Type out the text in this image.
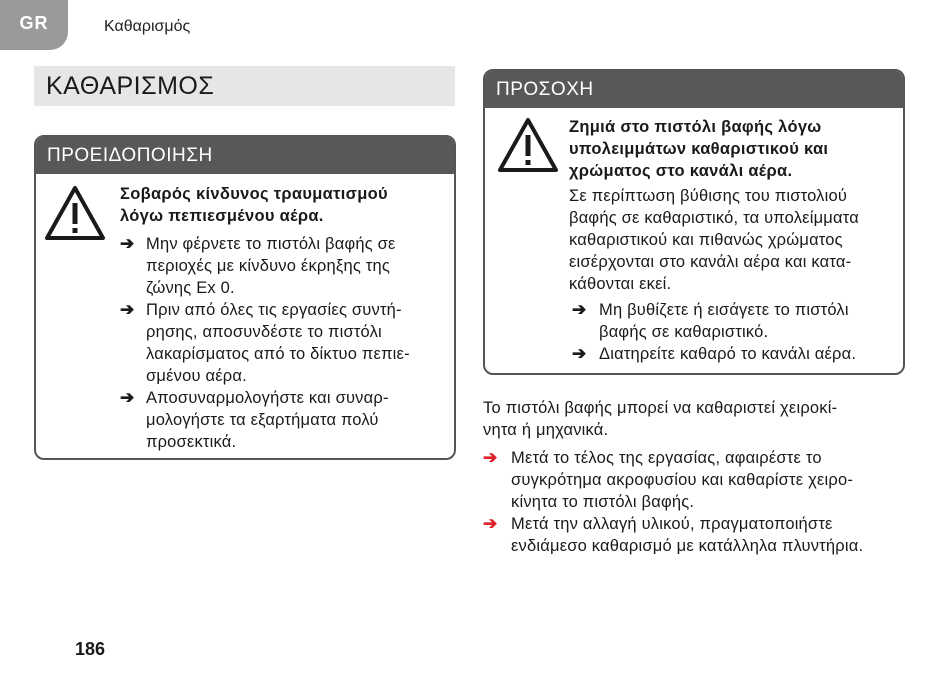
GR	Καθαρισμός
ΚΑΘΑΡΙΣΜΟΣ
ΠΡΟΕΙΔΟΠΟΙΗΣΗ
Σοβαρός κίνδυνος τραυματισμού
λόγω πεπιεσμένου αέρα.
➔ Μην φέρνετε το πιστόλι βαφής σε
περιοχές με κίνδυνο έκρηξης της
ζώνης Ex 0.
➔ Πριν από όλες τις εργασίες συντή-
ρησης, αποσυνδέστε το πιστόλι
λακαρίσματος από το δίκτυο πεπιε-
σμένου αέρα.
➔ Αποσυναρμολογήστε και συναρ-
μολογήστε τα εξαρτήματα πολύ
προσεκτικά.
ΠΡΟΣΟΧΗ
Ζημιά στο πιστόλι βαφής λόγω
υπολειμμάτων καθαριστικού και
χρώματος στο κανάλι αέρα.
Σε περίπτωση βύθισης του πιστολιού
βαφής σε καθαριστικό, τα υπολείμματα
καθαριστικού και πιθανώς χρώματος
εισέρχονται στο κανάλι αέρα και κατα-
κάθονται εκεί.
➔ Μη βυθίζετε ή εισάγετε το πιστόλι
βαφής σε καθαριστικό.
➔ Διατηρείτε καθαρό το κανάλι αέρα.
Το πιστόλι βαφής μπορεί να καθαριστεί χειροκί-
νητα ή μηχανικά.
➔ Μετά το τέλος της εργασίας, αφαιρέστε το
συγκρότημα ακροφυσίου και καθαρίστε χειρο-
κίνητα το πιστόλι βαφής.
➔ Μετά την αλλαγή υλικού, πραγματοποιήστε
ενδιάμεσο καθαρισμό με κατάλληλα πλυντήρια.
186
